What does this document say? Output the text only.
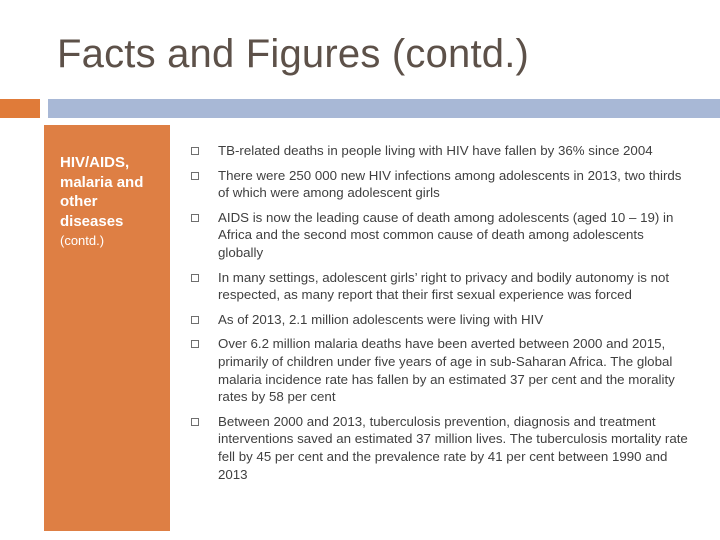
Facts and Figures (contd.)
HIV/AIDS,
malaria and
other
diseases
(contd.)
TB-related deaths in people living with HIV have fallen by 36% since 2004
There were 250 000 new HIV infections among adolescents in 2013, two thirds of which were among adolescent girls
AIDS is now the leading cause of death among adolescents (aged 10 – 19) in Africa and the second most common cause of death among adolescents globally
In many settings, adolescent girls’ right to privacy and bodily autonomy is not respected, as many report that their first sexual experience was forced
As of 2013, 2.1 million adolescents were living with HIV
Over 6.2 million malaria deaths have been averted between 2000 and 2015, primarily of children under five years of age in sub-Saharan Africa. The global malaria incidence rate has fallen by an estimated 37 per cent and the morality rates by 58 per cent
Between 2000 and 2013, tuberculosis prevention, diagnosis and treatment interventions saved an estimated 37 million lives. The tuberculosis mortality rate fell by 45 per cent and the prevalence rate by 41 per cent between 1990 and 2013
